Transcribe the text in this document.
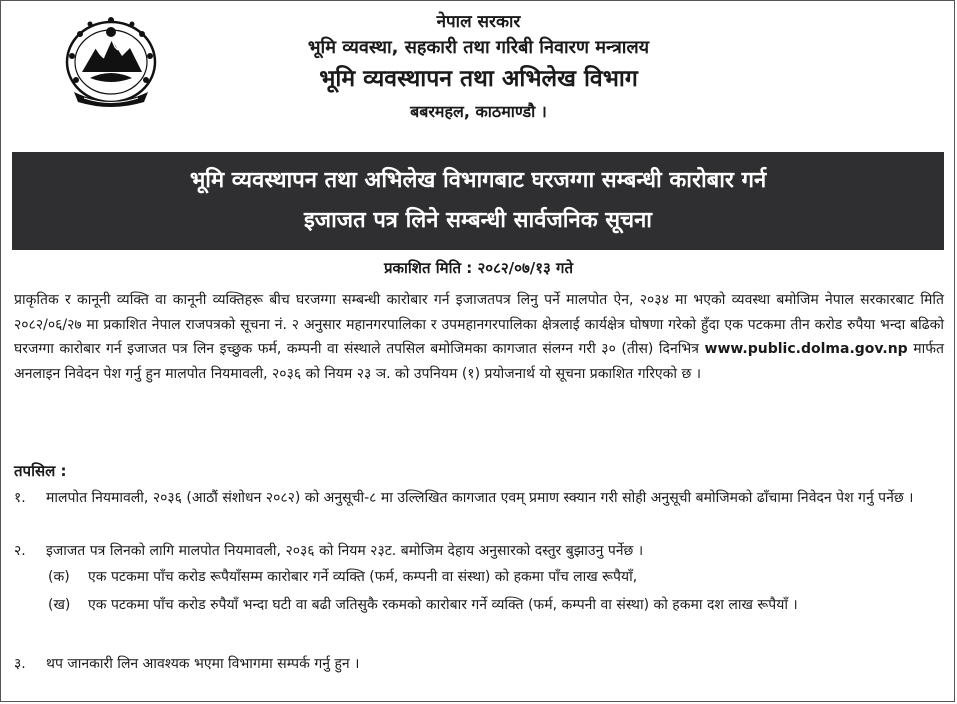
नेपाल सरकार
भूमि व्यवस्था, सहकारी तथा गरिबी निवारण मन्त्रालय
भूमि व्यवस्थापन तथा अभिलेख विभाग
बबरमहल, काठमाण्डौ ।
भूमि व्यवस्थापन तथा अभिलेख विभागबाट घरजग्गा सम्बन्धी कारोबार गर्न
इजाजत पत्र लिने सम्बन्धी सार्वजनिक सूचना
प्रकाशित मिति : २०८२/०७/१३ गते
प्राकृतिक र कानूनी व्यक्ति वा कानूनी व्यक्तिहरू बीच घरजग्गा सम्बन्धी कारोबार गर्न इजाजतपत्र लिनु पर्ने मालपोत ऐन, २०३४ मा भएको व्यवस्था बमोजिम नेपाल सरकारबाट मिति २०८२/०६/२७ मा प्रकाशित नेपाल राजपत्रको सूचना नं. २ अनुसार महानगरपालिका र उपमहानगरपालिका क्षेत्रलाई कार्यक्षेत्र घोषणा गरेको हुँदा एक पटकमा तीन करोड रुपैया भन्दा बढिको घरजग्गा कारोबार गर्न इजाजत पत्र लिन इच्छुक फर्म, कम्पनी वा संस्थाले तपसिल बमोजिमका कागजात संलग्न गरी ३० (तीस) दिनभित्र www.public.dolma.gov.np मार्फत अनलाइन निवेदन पेश गर्नु हुन मालपोत नियमावली, २०३६ को नियम २३ ञ. को उपनियम (१) प्रयोजनार्थ यो सूचना प्रकाशित गरिएको छ ।
तपसिल :
१. मालपोत नियमावली, २०३६ (आठौं संशोधन २०८२) को अनुसूची-८ मा उल्लिखित कागजात एवम् प्रमाण स्क्यान गरी सोही अनुसूची बमोजिमको ढाँचामा निवेदन पेश गर्नु पर्नेछ ।
२. इजाजत पत्र लिनको लागि मालपोत नियमावली, २०३६ को नियम २३ट. बमोजिम देहाय अनुसारको दस्तुर बुझाउनु पर्नेछ ।
(क) एक पटकमा पाँच करोड रूपैयाँसम्म कारोबार गर्ने व्यक्ति (फर्म, कम्पनी वा संस्था) को हकमा पाँच लाख रूपैयाँ,
(ख) एक पटकमा पाँच करोड रुपैयाँ भन्दा घटी वा बढी जतिसुकै रकमको कारोबार गर्ने व्यक्ति (फर्म, कम्पनी वा संस्था) को हकमा दश लाख रूपैयाँ ।
३. थप जानकारी लिन आवश्यक भएमा विभागमा सम्पर्क गर्नु हुन ।
